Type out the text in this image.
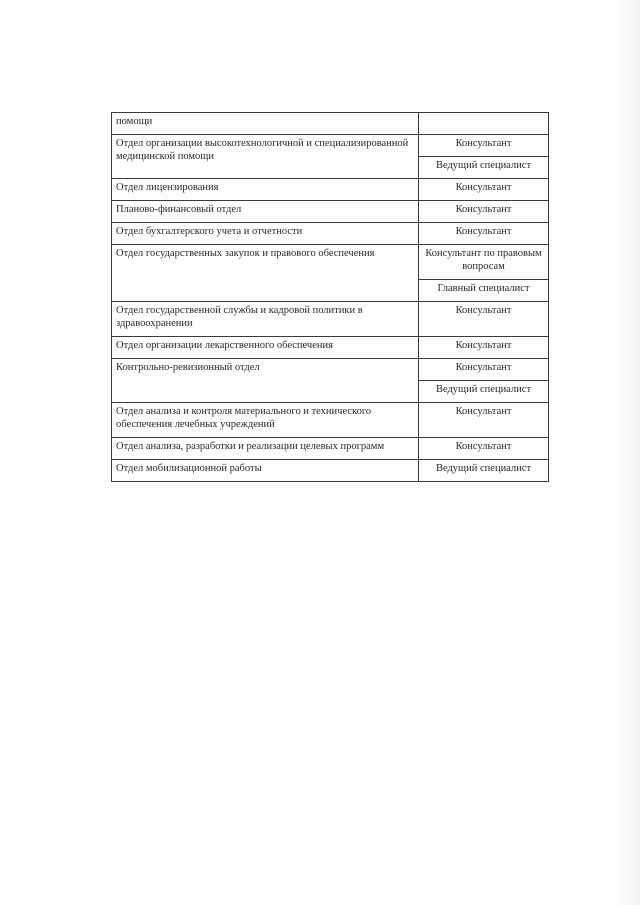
помощи	
Отдел организации высокотехнологичной и специализированной медицинской помощи	Консультант
	Ведущий специалист
Отдел лицензирования	Консультант
Планово-финансовый отдел	Консультант
Отдел бухгалтерского учета и отчетности	Консультант
Отдел государственных закупок и правового обеспечения	Консультант по правовым вопросам
	Главный специалист
Отдел государственной службы и кадровой политики в здравоохранении	Консультант
Отдел организации лекарственного обеспечения	Консультант
Контрольно-ревизионный отдел	Консультант
	Ведущий специалист
Отдел анализа и контроля материального и технического обеспечения лечебных учреждений	Консультант
Отдел анализа, разработки и реализации целевых программ	Консультант
Отдел мобилизационной работы	Ведущий специалист
